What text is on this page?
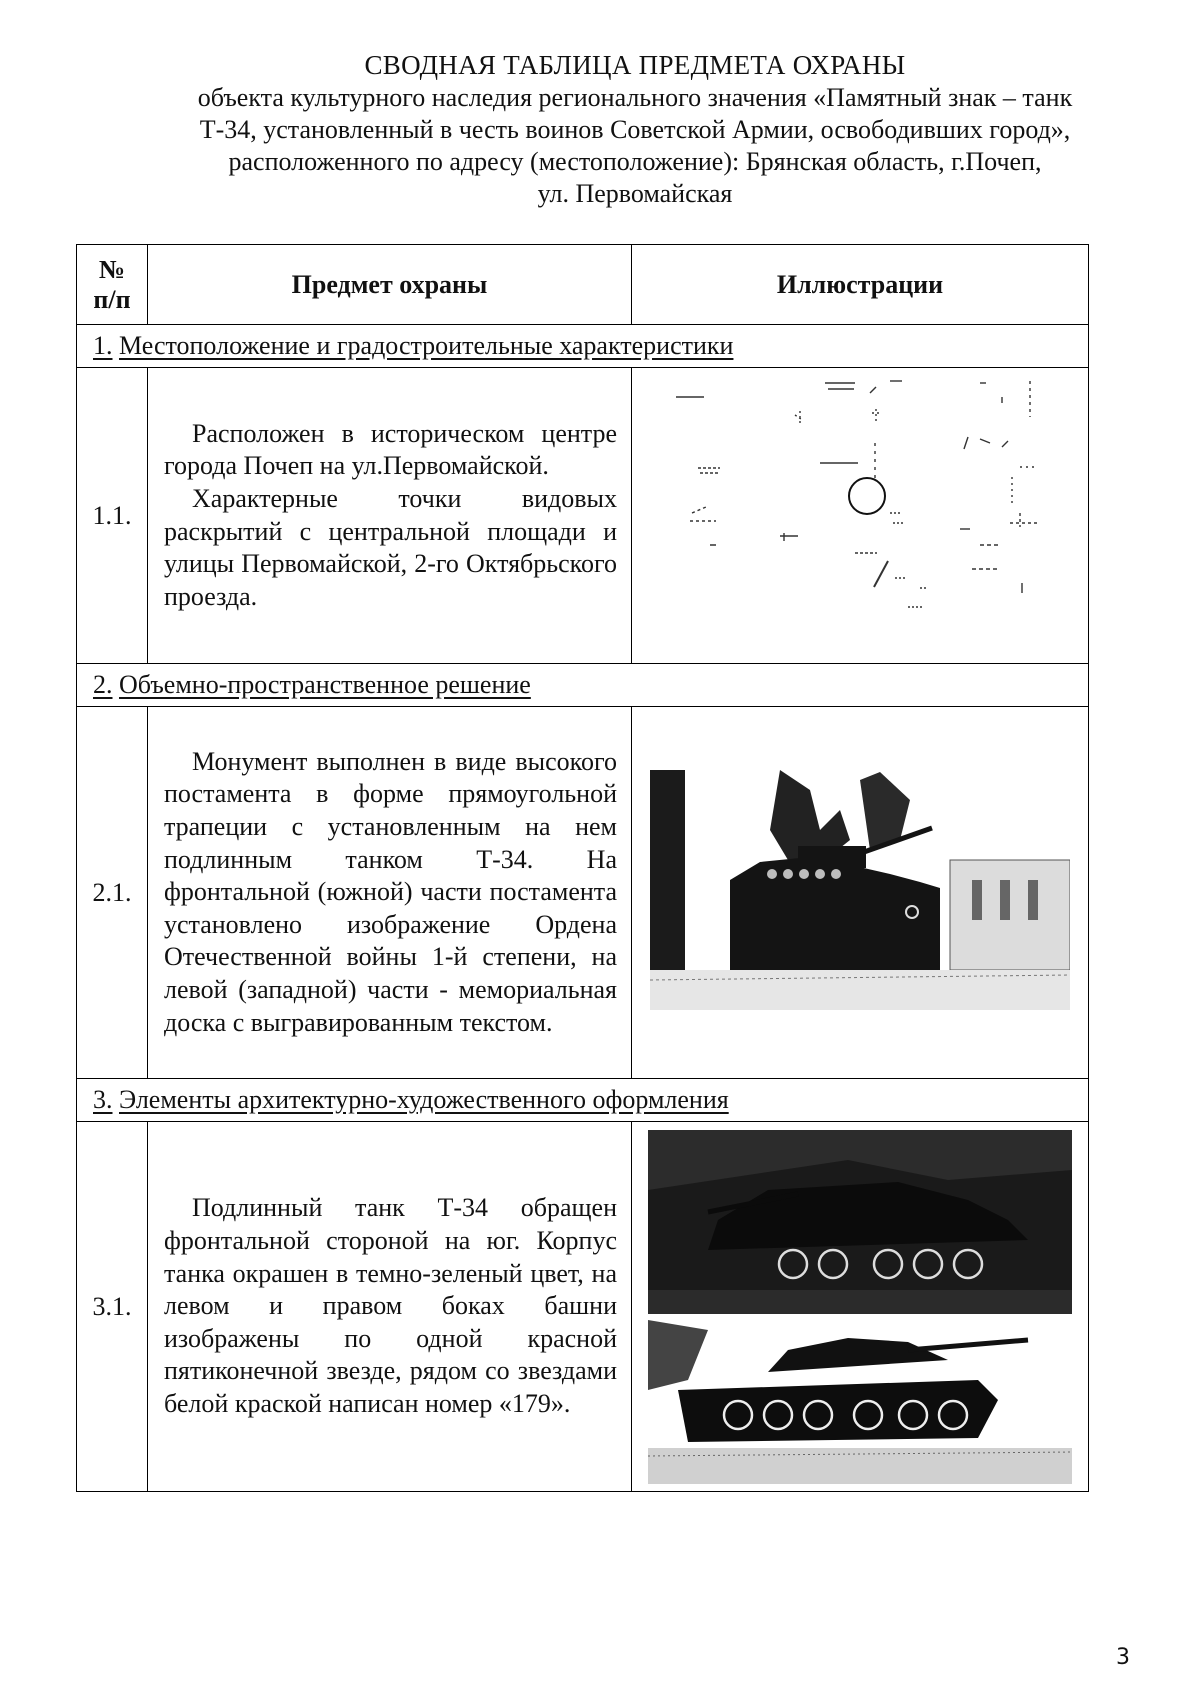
СВОДНАЯ ТАБЛИЦА ПРЕДМЕТА ОХРАНЫ
объекта культурного наследия регионального значения «Памятный знак – танк
Т-34, установленный в честь воинов Советской Армии, освободивших город»,
расположенного по адресу (местоположение): Брянская область, г.Почеп,
ул. Первомайская
№
п/п	Предмет охраны	Иллюстрации
1. Местоположение и градостроительные характеристики		
1.1.	Расположен в историческом центре города Почеп на ул.Первомайской.

Характерные точки видовых раскрытий с центральной площади и улицы Первомайской, 2-го Октябрьского проезда.

2. Объемно-пространственное решение		
2.1.	Монумент выполнен в виде высокого постамента в форме прямоугольной трапеции с установленным на нем подлинным танком Т-34. На фронтальной (южной) части постамента установлено изображение Ордена Отечественной войны 1-й степени, на левой (западной) части - мемориальная доска с выгравированным текстом.

3. Элементы архитектурно-художественного оформления		
3.1.	Подлинный танк Т-34 обращен фронтальной стороной на юг. Корпус танка окрашен в темно-зеленый цвет, на левом и правом боках башни изображены по одной красной пятиконечной звезде, рядом со звездами белой краской написан номер «179».

3
